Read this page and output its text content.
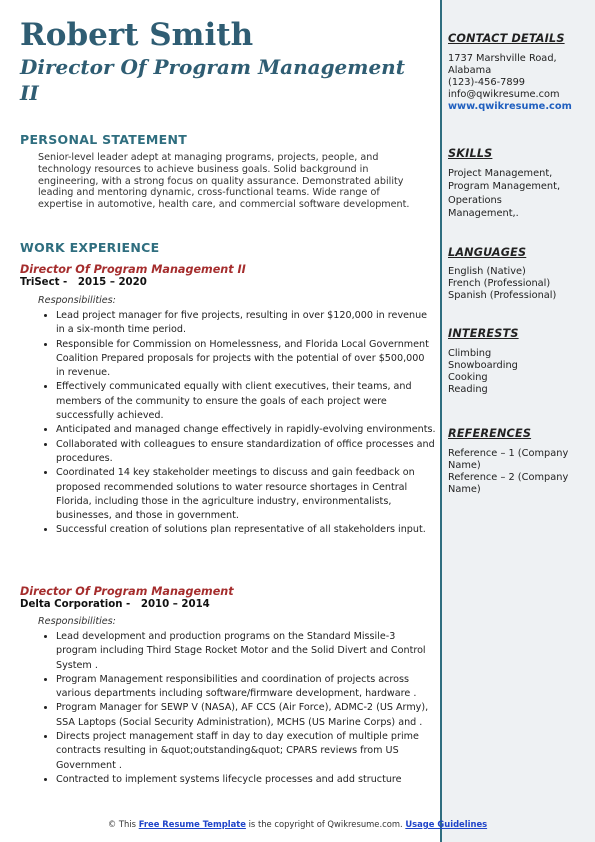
Robert Smith
Director Of Program Management II
PERSONAL STATEMENT
Senior-level leader adept at managing programs, projects, people, and technology resources to achieve business goals. Solid background in engineering, with a strong focus on quality assurance. Demonstrated ability leading and mentoring dynamic, cross-functional teams. Wide range of expertise in automotive, health care, and commercial software development.
WORK EXPERIENCE
Director Of Program Management II
TriSect - 2015 – 2020
Responsibilities:
• Lead project manager for five projects, resulting in over $120,000 in revenue in a six-month time period.
• Responsible for Commission on Homelessness, and Florida Local Government Coalition Prepared proposals for projects with the potential of over $500,000 in revenue.
• Effectively communicated equally with client executives, their teams, and members of the community to ensure the goals of each project were successfully achieved.
• Anticipated and managed change effectively in rapidly-evolving environments.
• Collaborated with colleagues to ensure standardization of office processes and procedures.
• Coordinated 14 key stakeholder meetings to discuss and gain feedback on proposed recommended solutions to water resource shortages in Central Florida, including those in the agriculture industry, environmentalists, businesses, and those in government.
• Successful creation of solutions plan representative of all stakeholders input.
Director Of Program Management
Delta Corporation - 2010 – 2014
Responsibilities:
• Lead development and production programs on the Standard Missile-3 program including Third Stage Rocket Motor and the Solid Divert and Control System .
• Program Management responsibilities and coordination of projects across various departments including software/firmware development, hardware .
• Program Manager for SEWP V (NASA), AF CCS (Air Force), ADMC-2 (US Army), SSA Laptops (Social Security Administration), MCHS (US Marine Corps) and .
• Directs project management staff in day to day execution of multiple prime contracts resulting in &quot;outstanding&quot; CPARS reviews from US Government .
• Contracted to implement systems lifecycle processes and add structure
CONTACT DETAILS
1737 Marshville Road,
Alabama
(123)-456-7899
info@qwikresume.com
www.qwikresume.com
SKILLS
Project Management,
Program Management,
Operations
Management,.
LANGUAGES
English (Native)
French (Professional)
Spanish (Professional)
INTERESTS
Climbing
Snowboarding
Cooking
Reading
REFERENCES
Reference – 1 (Company Name)
Reference – 2 (Company Name)
© This Free Resume Template is the copyright of Qwikresume.com. Usage Guidelines
